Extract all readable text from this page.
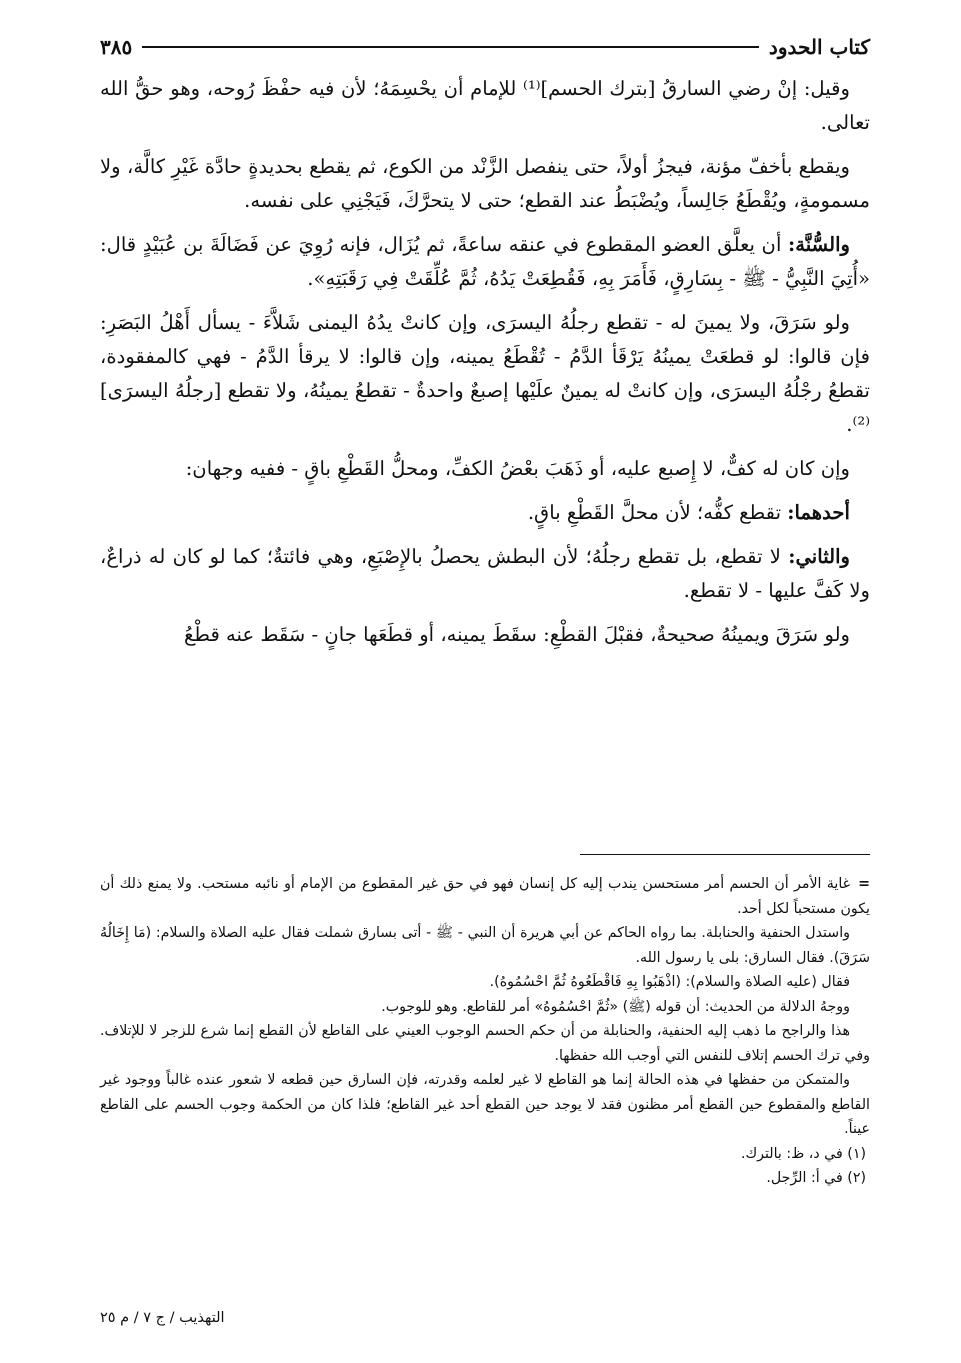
كتاب الحدود
٣٨٥

وقيل: إنْ رضي السارقُ [بترك الحسم]⁽¹⁾ للإمام أن يحْسِمَهُ؛ لأن فيه حفْظَ رُوحه، وهو حقُّ الله تعالى.

ويقطع بأخفّ مؤنة، فيجزُ أولاً، حتى ينفصل الزَّنْد من الكوع، ثم يقطع بحديدةٍ حادَّة غَيْرِ كالَّة، ولا مسمومةٍ، ويُقْطَعُ جَالِساً، ويُضْبَطُ عند القطع؛ حتى لا يتحرَّكَ، فَيَجْنِي على نفسه.

والسُّنَّة: أن يعلَّق العضو المقطوع في عنقه ساعةً، ثم يُزَال، فإنه رُوِيَ عن فَضَالَةَ بن عُبَيْدٍ قال: «أُتِيَ النَّبِيُّ - ﷺ - بِسَارِقٍ، فَأَمَرَ بِهِ، فَقُطِعَتْ يَدُهُ، ثُمَّ عُلِّقَتْ فِي رَقَبَتِهِ».

ولو سَرَقَ، ولا يمينَ له - تقطع رجلُهُ اليسرَى، وإن كانتْ يدُهُ اليمنى شَلاَّءَ - يسأل أَهْلُ البَصَرِ: فإن قالوا: لو قطعَتْ يمينُهُ يَرْقَأ الدَّمُ - تُقْطَعُ يمينه، وإن قالوا: لا يرقأ الدَّمُ - فهي كالمفقودة، تقطعُ رجْلُهُ اليسرَى، وإن كانتْ له يمينٌ علَيْها إصبعٌ واحدةٌ - تقطعُ يمينُهُ، ولا تقطع [رجلُهُ اليسرَى]⁽²⁾.

وإن كان له كفٌّ، لا إِصبع عليه، أو ذَهَبَ بعْضُ الكفِّ، ومحلُّ القَطْعِ باقٍ - ففيه وجهان:

أحدهما: تقطع كفُّه؛ لأن محلَّ القَطْعِ باقٍ.

والثاني: لا تقطع، بل تقطع رجلُهُ؛ لأن البطش يحصلُ بالإِصْبَعِ، وهي فائتةٌ؛ كما لو كان له ذراعٌ، ولا كَفَّ عليها - لا تقطع.

ولو سَرَقَ ويمينُهُ صحيحةٌ، فقبْلَ القطْعِ: سقَطَ يمينه، أو قطَعَها جانٍ - سَقَط عنه قطْعُ

=غاية الأمر أن الحسم أمر مستحسن يندب إليه كل إنسان فهو في حق غير المقطوع من الإمام أو نائبه مستحب. ولا يمنع ذلك أن يكون مستحباً لكل أحد.

واستدل الحنفية والحنابلة. بما رواه الحاكم عن أبي هريرة أن النبي - ﷺ - أتى بسارق شملت فقال عليه الصلاة والسلام: (مَا إِخَالُهُ سَرَقَ). فقال السارق: بلى يا رسول الله.

فقال (عليه الصلاة والسلام): (اذْهَبُوا بِهِ فَاقْطَعُوهُ ثُمَّ احْسُمُوهُ).

ووجهُ الدلالة من الحديث: أن قوله (ﷺ) «ثُمَّ احْسُمُوهُ» أمر للقاطع. وهو للوجوب.

هذا والراجح ما ذهب إليه الحنفية، والحنابلة من أن حكم الحسم الوجوب العيني على القاطع لأن القطع إنما شرع للزجر لا للإتلاف. وفي ترك الحسم إتلاف للنفس التي أوجب الله حفظها.

والمتمكن من حفظها في هذه الحالة إنما هو القاطع لا غير لعلمه وقدرته، فإن السارق حين قطعه لا شعور عنده غالباً ووجود غير القاطع والمقطوع حين القطع أمر مظنون فقد لا يوجد حين القطع أحد غير القاطع؛ فلذا كان من الحكمة وجوب الحسم على القاطع عيناً.

(١) في د، ظ: بالترك.

(٢) في أ: الرِّجل.

التهذيب / ج ٧ / م ٢٥
